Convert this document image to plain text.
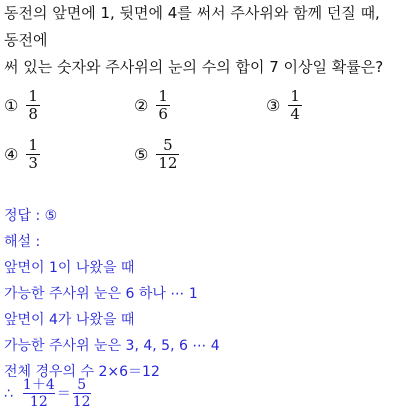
동전의 앞면에 1, 뒷면에 4를 써서 주사위와 함께 던질 때, 동전에
써 있는 숫자와 주사위의 눈의 수의 합이 7 이상일 확률은?
① $\frac{1}{8}$	② $\frac{1}{6}$	③ $\frac{1}{4}$
④ $\frac{1}{3}$	⑤ $\frac{5}{12}$
정답 : ⑤
해설 :
앞면이 1이 나왔을 때
가능한 주사위 눈은 6 하나 ⋯ 1
앞면이 4가 나왔을 때
가능한 주사위 눈은 3, 4, 5, 6 ⋯ 4
전체 경우의 수 2×6＝12
∴
1＋4
12
＝
5
12
